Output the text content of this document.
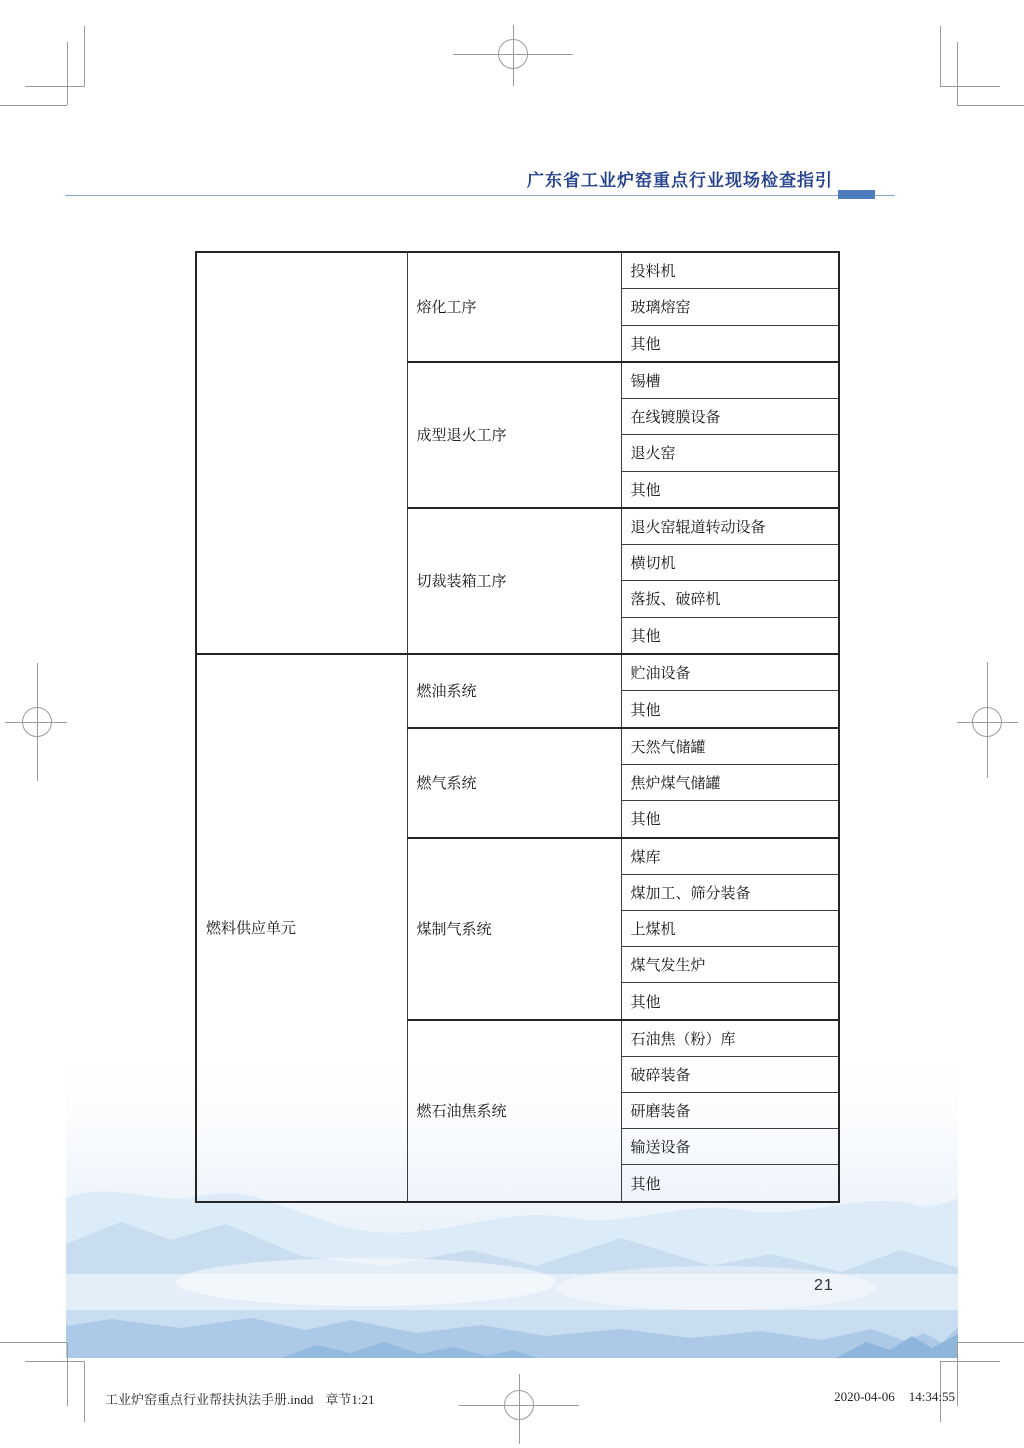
广东省工业炉窑重点行业现场检查指引
	熔化工序	投料机
		玻璃熔窑
		其他
	成型退火工序	锡槽
		在线镀膜设备
		退火窑
		其他
	切裁装箱工序	退火窑辊道转动设备
		横切机
		落扳、破碎机
		其他
燃料供应单元	燃油系统	贮油设备
		其他
	燃气系统	天然气储罐
		焦炉煤气储罐
		其他
	煤制气系统	煤库
		煤加工、筛分装备
		上煤机
		煤气发生炉
		其他
	燃石油焦系统	石油焦（粉）库
		破碎装备
		研磨装备
		输送设备
		其他
21
工业炉窑重点行业帮扶执法手册.indd 章节1:21	2020-04-06 14:34:55
